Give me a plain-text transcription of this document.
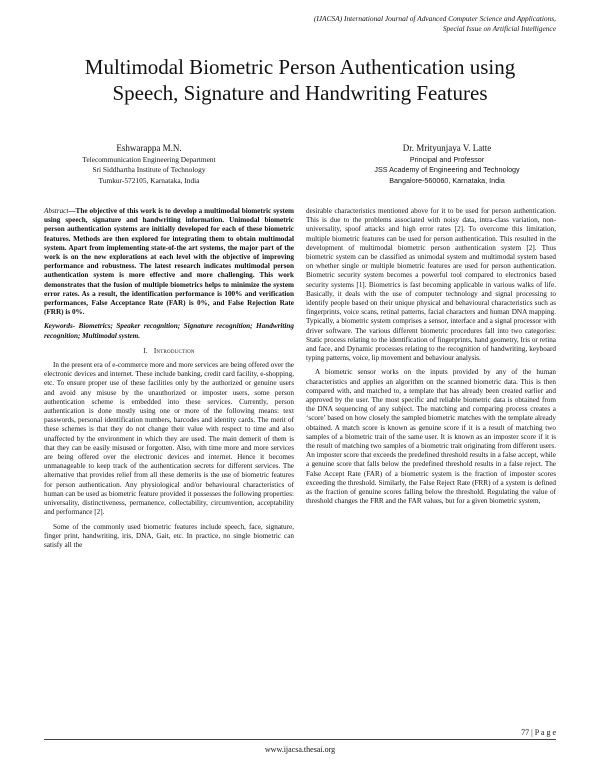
(IJACSA) International Journal of Advanced Computer Science and Applications,
Special Issue on Artificial Intelligence
Multimodal Biometric Person Authentication using
Speech, Signature and Handwriting Features
Eshwarappa M.N.
Telecommunication Engineering Department
Sri Siddhartha Institute of Technology
Tumkur-572105, Karnataka, India
Dr. Mrityunjaya V. Latte
Principal and Professor
JSS Academy of Engineering and Technology
Bangalore-560060, Karnataka, India

Abstract—The objective of this work is to develop a multimodal biometric system using speech, signature and handwriting information. Unimodal biometric person authentication systems are initially developed for each of these biometric features. Methods are then explored for integrating them to obtain multimodal system. Apart from implementing state-of-the art systems, the major part of the work is on the new explorations at each level with the objective of improving performance and robustness. The latest research indicates multimodal person authentication system is more effective and more challenging. This work demonstrates that the fusion of multiple biometrics helps to minimize the system error rates. As a result, the identification performance is 100% and verification performances, False Acceptance Rate (FAR) is 0%, and False Rejection Rate (FRR) is 0%.

Keywords- Biometrics; Speaker recognition; Signature recognition; Handwriting recognition; Multimodal system.

I. Introduction

In the present era of e-commerce more and more services are being offered over the electronic devices and internet. These include banking, credit card facility, e-shopping, etc. To ensure proper use of these facilities only by the authorized or genuine users and avoid any misuse by the unauthorized or imposter users, some person authentication scheme is embedded into these services. Currently, person authentication is done mostly using one or more of the following means: text passwords, personal identification numbers, barcodes and identity cards. The merit of these schemes is that they do not change their value with respect to time and also unaffected by the environment in which they are used. The main demerit of them is that they can be easily misused or forgotten. Also, with time more and more services are being offered over the electronic devices and internet. Hence it becomes unmanageable to keep track of the authentication secrets for different services. The alternative that provides relief from all these demerits is the use of biometric features for person authentication. Any physiological and/or behavioural characteristics of human can be used as biometric feature provided it possesses the following properties: universality, distinctiveness, permanence, collectability, circumvention, acceptability and performance [2].

Some of the commonly used biometric features include speech, face, signature, finger print, handwriting, iris, DNA, Gait, etc. In practice, no single biometric can satisfy all the

desirable characteristics mentioned above for it to be used for person authentication. This is due to the problems associated with noisy data, intra-class variation, non-universality, spoof attacks and high error rates [2]. To overcome this limitation, multiple biometric features can be used for person authentication. This resulted in the development of multimodal biometric person authentication system [2]. Thus biometric system can be classified as unimodal system and multimodal system based on whether single or multiple biometric features are used for person authentication. Biometric security system becomes a powerful tool compared to electronics based security systems [1]. Biometrics is fast becoming applicable in various walks of life. Basically, it deals with the use of computer technology and signal processing to identify people based on their unique physical and behavioural characteristics such as fingerprints, voice scans, retinal patterns, facial characters and human DNA mapping. Typically, a biometric system comprises a sensor, interface and a signal processor with driver software. The various different biometric procedures fall into two categories: Static process relating to the identification of fingerprints, hand geometry, Iris or retina and face, and Dynamic processes relating to the recognition of handwriting, keyboard typing patterns, voice, lip movement and behaviour analysis.

A biometric sensor works on the inputs provided by any of the human characteristics and applies an algorithm on the scanned biometric data. This is then compared with, and matched to, a template that has already been created earlier and approved by the user. The most specific and reliable biometric data is obtained from the DNA sequencing of any subject. The matching and comparing process creates a ‘score’ based on how closely the sampled biometric matches with the template already obtained. A match score is known as genuine score if it is a result of matching two samples of a biometric trait of the same user. It is known as an imposter score if it is the result of matching two samples of a biometric trait originating from different users. An imposter score that exceeds the predefined threshold results in a false accept, while a genuine score that falls below the predefined threshold results in a false reject. The False Accept Rate (FAR) of a biometric system is the fraction of imposter scores exceeding the threshold. Similarly, the False Reject Rate (FRR) of a system is defined as the fraction of genuine scores falling below the threshold. Regulating the value of threshold changes the FRR and the FAR values, but for a given biometric system,

77 | P a g e
www.ijacsa.thesai.org
